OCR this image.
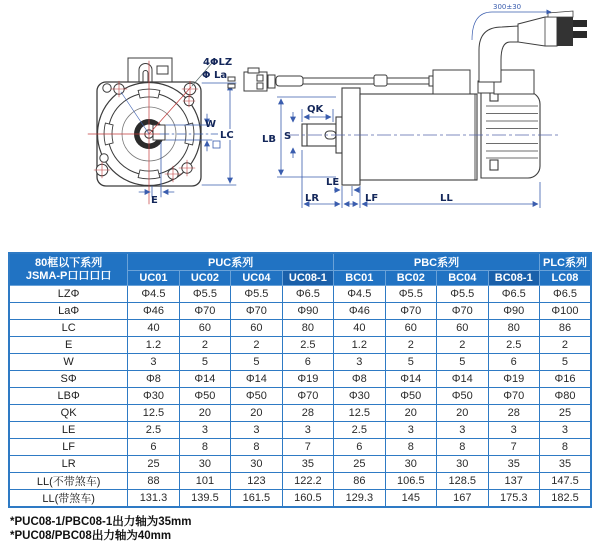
4ΦLZ
Φ La
W
LC
E
300±30
QK
S
LB
LE
LR	LF	LL
80框以下系列
JSMA-P口口口口	PUC系列				PBC系列				PLC系列
	UC01	UC02	UC04	UC08-1	BC01	BC02	BC04	BC08-1	LC08
LZΦ	Φ4.5	Φ5.5	Φ5.5	Φ6.5	Φ4.5	Φ5.5	Φ5.5	Φ6.5	Φ6.5
LaΦ	Φ46	Φ70	Φ70	Φ90	Φ46	Φ70	Φ70	Φ90	Φ100
LC	40	60	60	80	40	60	60	80	86
E	1.2	2	2	2.5	1.2	2	2	2.5	2
W	3	5	5	6	3	5	5	6	5
SΦ	Φ8	Φ14	Φ14	Φ19	Φ8	Φ14	Φ14	Φ19	Φ16
LBΦ	Φ30	Φ50	Φ50	Φ70	Φ30	Φ50	Φ50	Φ70	Φ80
QK	12.5	20	20	28	12.5	20	20	28	25
LE	2.5	3	3	3	2.5	3	3	3	3
LF	6	8	8	7	6	8	8	7	8
LR	25	30	30	35	25	30	30	35	35
LL(不带煞车)	88	101	123	122.2	86	106.5	128.5	137	147.5
LL(带煞车)	131.3	139.5	161.5	160.5	129.3	145	167	175.3	182.5
*PUC08-1/PBC08-1出力轴为35mm
*PUC08/PBC08出力轴为40mm
